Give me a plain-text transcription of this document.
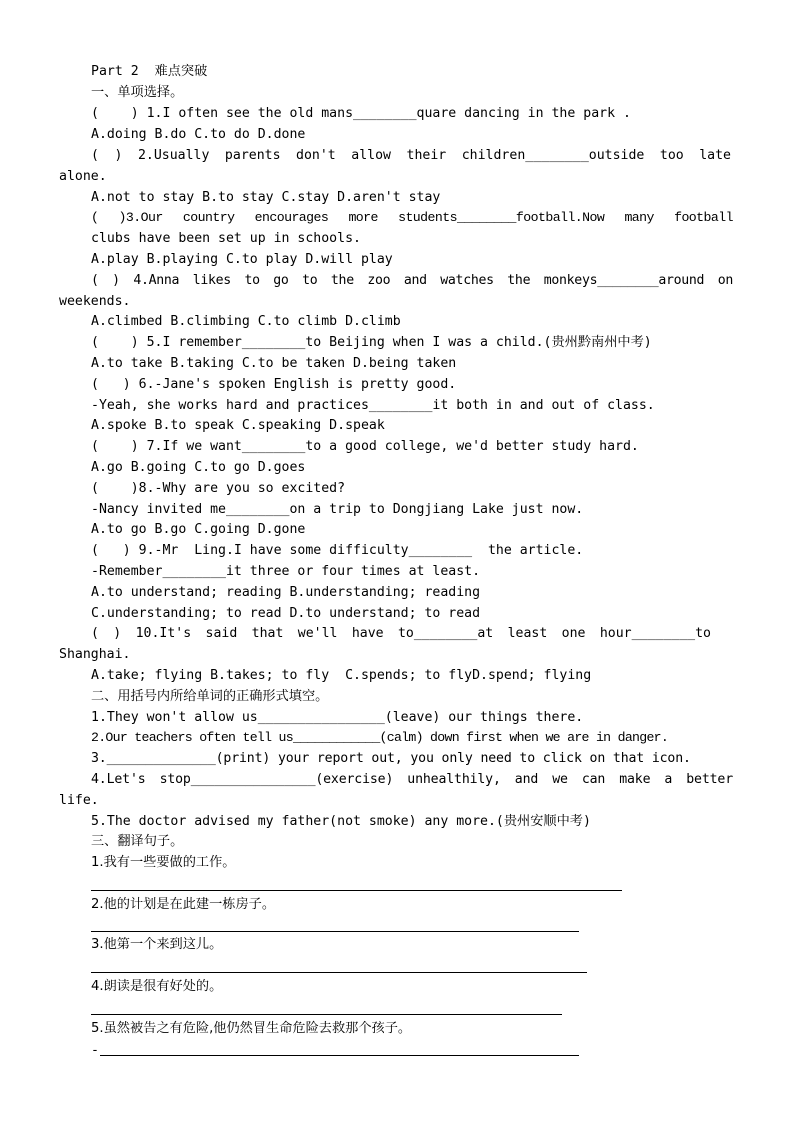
Part 2  难点突破
一、单项选择。
(    ) 1.I often see the old mans________quare dancing in the park .
A.doing B.do C.to do D.done
( ) 2.Usually parents don't allow their children________outside too late
alone.
A.not to stay B.to stay C.stay D.aren't stay
( )3.Our country encourages more students________football.Now many football
clubs have been set up in schools.
A.play B.playing C.to play D.will play
( ) 4.Anna likes to go to the zoo and watches the monkeys________around on
weekends.
A.climbed B.climbing C.to climb D.climb
(    ) 5.I remember________to Beijing when I was a child.(贵州黔南州中考)
A.to take B.taking C.to be taken D.being taken
(   ) 6.-Jane's spoken English is pretty good.
-Yeah, she works hard and practices________it both in and out of class.
A.spoke B.to speak C.speaking D.speak
(    ) 7.If we want________to a good college, we'd better study hard.
A.go B.going C.to go D.goes
(    )8.-Why are you so excited?
-Nancy invited me________on a trip to Dongjiang Lake just now.
A.to go B.go C.going D.gone
(   ) 9.-Mr  Ling.I have some difficulty________  the article.
-Remember________it three or four times at least.
A.to understand; reading B.understanding; reading
C.understanding; to read D.to understand; to read
( ) 10.It's said that we'll have to________at least one hour________to
Shanghai.
A.take; flying B.takes; to fly  C.spends; to flyD.spend; flying
二、用括号内所给单词的正确形式填空。
1.They won't allow us________________(leave) our things there.
2.Our teachers often tell us____________(calm) down first when we are in danger.
3.______________(print) your report out, you only need to click on that icon.
4.Let's stop________________(exercise) unhealthily, and we can make a better
life.
5.The doctor advised my father(not smoke) any more.(贵州安顺中考)
三、翻译句子。
1.我有一些要做的工作。
2.他的计划是在此建一栋房子。
3.他第一个来到这儿。
4.朗读是很有好处的。
5.虽然被告之有危险,他仍然冒生命危险去救那个孩子。
-
